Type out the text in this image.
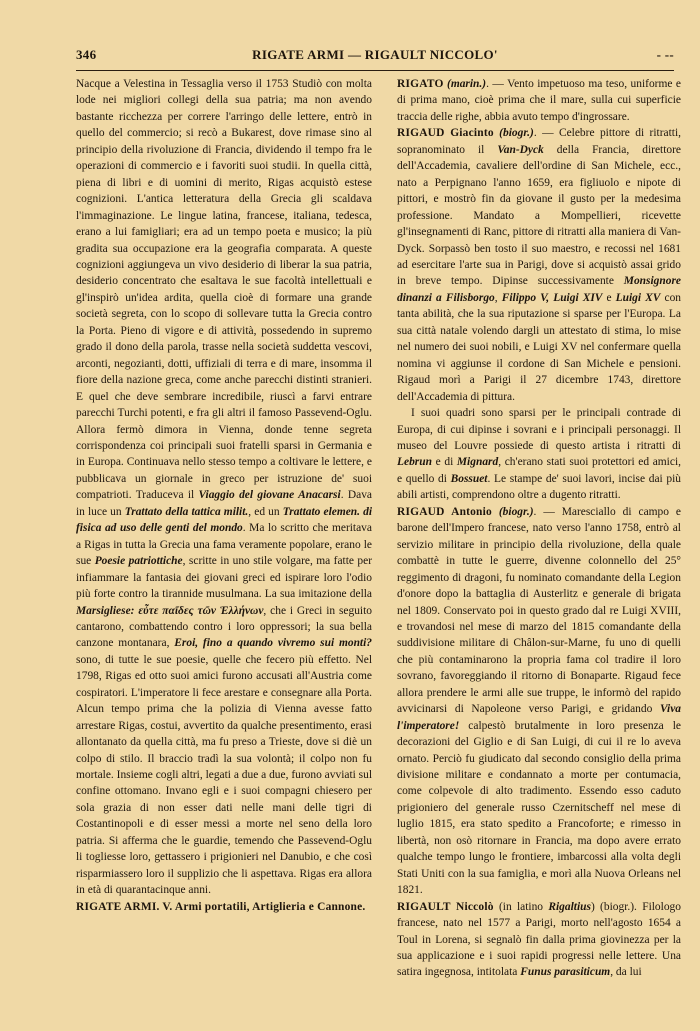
346	RIGATE ARMI — RIGAULT NICCOLO'	- --

Nacque a Velestina in Tessaglia verso il 1753 Studiò con molta lode nei migliori collegi della sua patria; ma non avendo bastante ricchezza per correre l'arringo delle lettere, entrò in quello del commercio; si recò a Bukarest, dove rimase sino al principio della rivoluzione di Francia, dividendo il tempo fra le operazioni di commercio e i favoriti suoi studii. In quella città, piena di libri e di uomini di merito, Rigas acquistò estese cognizioni. L'antica letteratura della Grecia gli scaldava l'immaginazione. Le lingue latina, francese, italiana, tedesca, erano a lui famigliari; era ad un tempo poeta e musico; la più gradita sua occupazione era la geografia comparata. A queste cognizioni aggiungeva un vivo desiderio di liberar la sua patria, desiderio concentrato che esaltava le sue facoltà intellettuali e gl'inspirò un'idea ardita, quella cioè di formare una grande società segreta, con lo scopo di sollevare tutta la Grecia contro la Porta. Pieno di vigore e di attività, possedendo in supremo grado il dono della parola, trasse nella società suddetta vescovi, arconti, negozianti, dotti, uffiziali di terra e di mare, insomma il fiore della nazione greca, come anche parecchi distinti stranieri. E quel che deve sembrare incredibile, riuscì a farvi entrare parecchi Turchi potenti, e fra gli altri il famoso Passevend-Oglu. Allora fermò dimora in Vienna, donde tenne segreta corrispondenza coi principali suoi fratelli sparsi in Germania e in Europa. Continuava nello stesso tempo a coltivare le lettere, e pubblicava un giornale in greco per istruzione de' suoi compatrioti. Traduceva il Viaggio del giovane Anacarsi. Dava in luce un Trattato della tattica milit., ed un Trattato elemen. di fisica ad uso delle genti del mondo. Ma lo scritto che meritava a Rigas in tutta la Grecia una fama veramente popolare, erano le sue Poesie patriottiche, scritte in uno stile volgare, ma fatte per infiammare la fantasia dei giovani greci ed ispirare loro l'odio più forte contro la tirannide musulmana. La sua imitazione della Marsigliese: εὖτε παῖδες τῶν Ἑλλήνων, che i Greci in seguito cantarono, combattendo contro i loro oppressori; la sua bella canzone montanara, Eroi, fino a quando vivremo sui monti? sono, di tutte le sue poesie, quelle che fecero più effetto. Nel 1798, Rigas ed otto suoi amici furono accusati all'Austria come cospiratori. L'imperatore li fece arestare e consegnare alla Porta. Alcun tempo prima che la polizia di Vienna avesse fatto arrestare Rigas, costui, avvertito da qualche presentimento, erasi allontanato da quella città, ma fu preso a Trieste, dove si diè un colpo di stilo. Il braccio tradì la sua volontà; il colpo non fu mortale. Insieme cogli altri, legati a due a due, furono avviati sul confine ottomano. Invano egli e i suoi compagni chiesero per sola grazia di non esser dati nelle mani delle tigri di Costantinopoli e di esser messi a morte nel seno della loro patria. Si afferma che le guardie, temendo che Passevend-Oglu li togliesse loro, gettassero i prigionieri nel Danubio, e che così risparmiassero loro il supplizio che li aspettava. Rigas era allora in età di quarantacinque anni.

RIGATE ARMI. V. Armi portatili, Artiglieria e Cannone.

RIGATO (marin.). — Vento impetuoso ma teso, uniforme e di prima mano, cioè prima che il mare, sulla cui superficie traccia delle righe, abbia avuto tempo d'ingrossare.

RIGAUD Giacinto (biogr.). — Celebre pittore di ritratti, sopranominato il Van-Dyck della Francia, direttore dell'Accademia, cavaliere dell'ordine di San Michele, ecc., nato a Perpignano l'anno 1659, era figliuolo e nipote di pittori, e mostrò fin da giovane il gusto per la medesima professione. Mandato a Mompellieri, ricevette gl'insegnamenti di Ranc, pittore di ritratti alla maniera di Van-Dyck. Sorpassò ben tosto il suo maestro, e recossi nel 1681 ad esercitare l'arte sua in Parigi, dove si acquistò assai grido in breve tempo. Dipinse successivamente Monsignore dinanzi a Filisborgo, Filippo V, Luigi XIV e Luigi XV con tanta abilità, che la sua riputazione si sparse per l'Europa. La sua città natale volendo dargli un attestato di stima, lo mise nel numero dei suoi nobili, e Luigi XV nel confermare quella nomina vi aggiunse il cordone di San Michele e pensioni. Rigaud morì a Parigi il 27 dicembre 1743, direttore dell'Accademia di pittura.

I suoi quadri sono sparsi per le principali contrade di Europa, di cui dipinse i sovrani e i principali personaggi. Il museo del Louvre possiede di questo artista i ritratti di Lebrun e di Mignard, ch'erano stati suoi protettori ed amici, e quello di Bossuet. Le stampe de' suoi lavori, incise dai più abili artisti, comprendono oltre a dugento ritratti.

RIGAUD Antonio (biogr.). — Maresciallo di campo e barone dell'Impero francese, nato verso l'anno 1758, entrò al servizio militare in principio della rivoluzione, della quale combattè in tutte le guerre, divenne colonnello del 25° reggimento di dragoni, fu nominato comandante della Legion d'onore dopo la battaglia di Austerlitz e generale di brigata nel 1809. Conservato poi in questo grado dal re Luigi XVIII, e trovandosi nel mese di marzo del 1815 comandante della suddivisione militare di Châlon-sur-Marne, fu uno di quelli che più contaminarono la propria fama col tradire il loro sovrano, favoreggiando il ritorno di Bonaparte. Rigaud fece allora prendere le armi alle sue truppe, le informò del rapido avvicinarsi di Napoleone verso Parigi, e gridando Viva l'imperatore! calpestò brutalmente in loro presenza le decorazioni del Giglio e di San Luigi, di cui il re lo aveva ornato. Perciò fu giudicato dal secondo consiglio della prima divisione militare e condannato a morte per contumacia, come colpevole di alto tradimento. Essendo esso caduto prigioniero del generale russo Czernitscheff nel mese di luglio 1815, era stato spedito a Francoforte; e rimesso in libertà, non osò ritornare in Francia, ma dopo avere errato qualche tempo lungo le frontiere, imbarcossi alla volta degli Stati Uniti con la sua famiglia, e morì alla Nuova Orleans nel 1821.

RIGAULT Niccolò (in latino Rigaltius) (biogr.). Filologo francese, nato nel 1577 a Parigi, morto nell'agosto 1654 a Toul in Lorena, si segnalò fin dalla prima giovinezza per la sua applicazione e i suoi rapidi progressi nelle lettere. Una satira ingegnosa, intitolata Funus parasiticum, da lui
